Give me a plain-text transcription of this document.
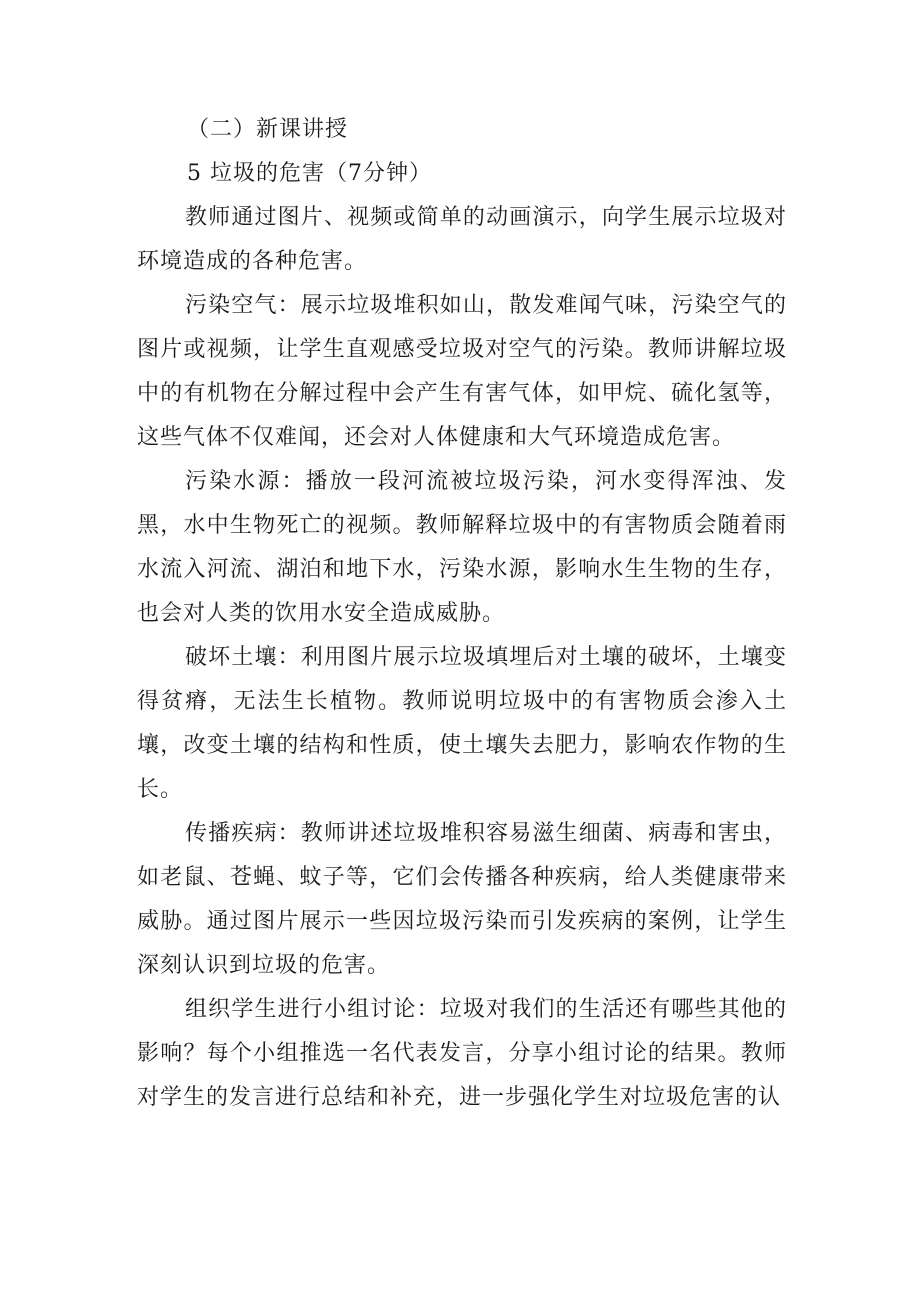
（二）新课讲授

5 垃圾的危害（7分钟）

教师通过图片、视频或简单的动画演示，向学生展示垃圾对环境造成的各种危害。

污染空气：展示垃圾堆积如山，散发难闻气味，污染空气的图片或视频，让学生直观感受垃圾对空气的污染。教师讲解垃圾中的有机物在分解过程中会产生有害气体，如甲烷、硫化氢等，这些气体不仅难闻，还会对人体健康和大气环境造成危害。

污染水源：播放一段河流被垃圾污染，河水变得浑浊、发黑，水中生物死亡的视频。教师解释垃圾中的有害物质会随着雨水流入河流、湖泊和地下水，污染水源，影响水生生物的生存，也会对人类的饮用水安全造成威胁。

破坏土壤：利用图片展示垃圾填埋后对土壤的破坏，土壤变得贫瘠，无法生长植物。教师说明垃圾中的有害物质会渗入土壤，改变土壤的结构和性质，使土壤失去肥力，影响农作物的生长。

传播疾病：教师讲述垃圾堆积容易滋生细菌、病毒和害虫，如老鼠、苍蝇、蚊子等，它们会传播各种疾病，给人类健康带来威胁。通过图片展示一些因垃圾污染而引发疾病的案例，让学生深刻认识到垃圾的危害。

组织学生进行小组讨论：垃圾对我们的生活还有哪些其他的影响？每个小组推选一名代表发言，分享小组讨论的结果。教师对学生的发言进行总结和补充，进一步强化学生对垃圾危害的认
